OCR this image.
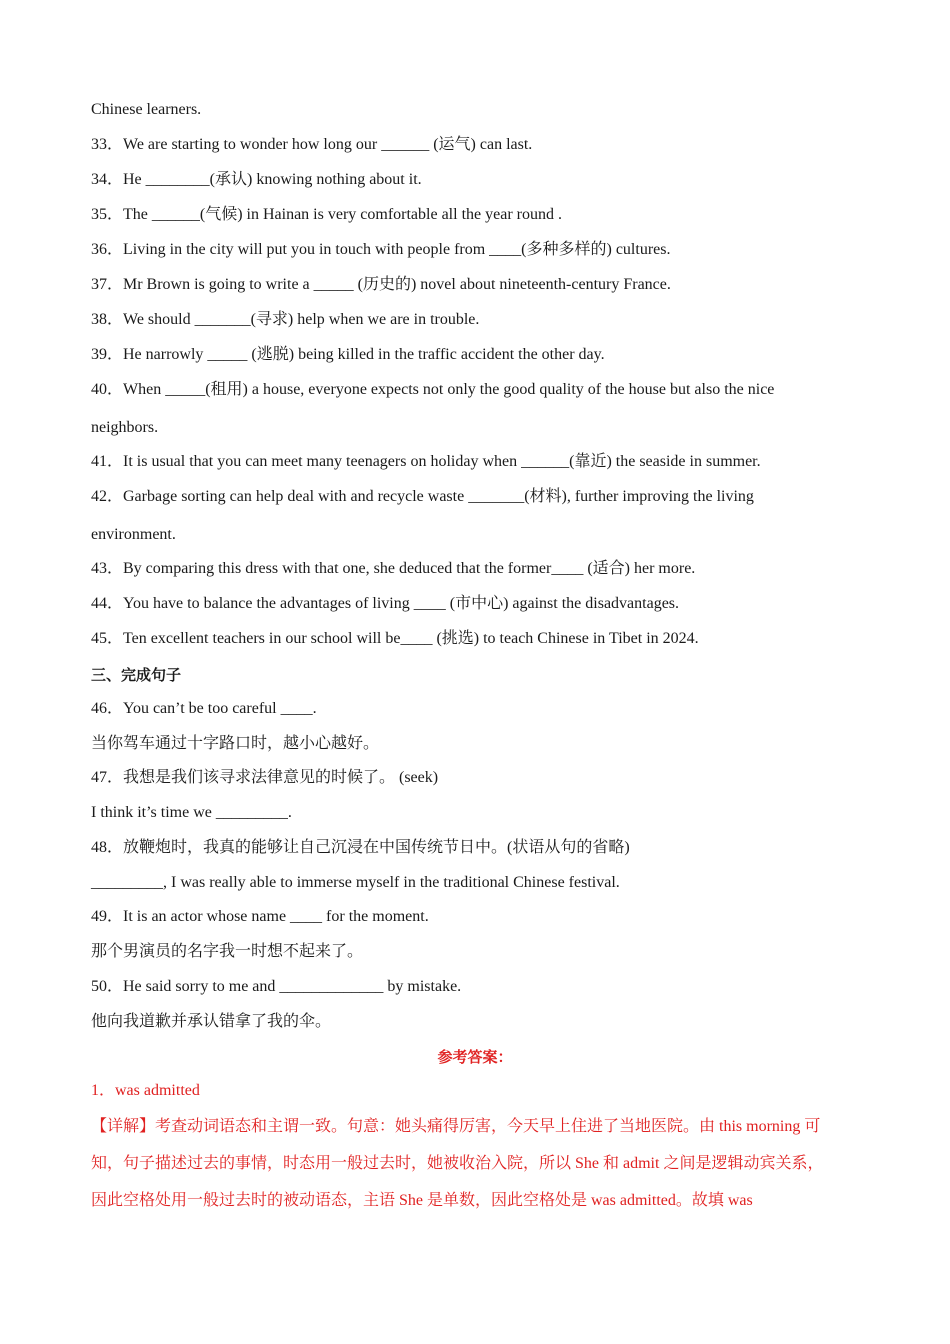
Chinese learners.
33．We are starting to wonder how long our ______ (运气) can last.
34．He ________(承认) knowing nothing about it.
35．The ______(气候) in Hainan is very comfortable all the year round .
36．Living in the city will put you in touch with people from ____(多种多样的) cultures.
37．Mr Brown is going to write a _____ (历史的) novel about nineteenth-century France.
38．We should _______(寻求) help when we are in trouble.
39．He narrowly _____ (逃脱) being killed in the traffic accident the other day.
40．When _____(租用) a house, everyone expects not only the good quality of the house but also the nice
neighbors.
41．It is usual that you can meet many teenagers on holiday when ______(靠近) the seaside in summer.
42．Garbage sorting can help deal with and recycle waste _______(材料), further improving the living
environment.
43．By comparing this dress with that one, she deduced that the former____ (适合) her more.
44．You have to balance the advantages of living ____ (市中心) against the disadvantages.
45．Ten excellent teachers in our school will be____ (挑选) to teach Chinese in Tibet in 2024.
三、完成句子
46．You can’t be too careful ____.
当你驾车通过十字路口时，越小心越好。
47．我想是我们该寻求法律意见的时候了。 (seek)
I think it’s time we _________.
48．放鞭炮时，我真的能够让自己沉浸在中国传统节日中。(状语从句的省略)
_________, I was really able to immerse myself in the traditional Chinese festival.
49．It is an actor whose name ____ for the moment.
那个男演员的名字我一时想不起来了。
50．He said sorry to me and _____________ by mistake.
他向我道歉并承认错拿了我的伞。
参考答案：
1．was admitted
【详解】考查动词语态和主谓一致。句意：她头痛得厉害，今天早上住进了当地医院。由 this morning 可
知，句子描述过去的事情，时态用一般过去时，她被收治入院，所以 She 和 admit 之间是逻辑动宾关系，
因此空格处用一般过去时的被动语态，主语 She 是单数，因此空格处是 was admitted。故填 was
